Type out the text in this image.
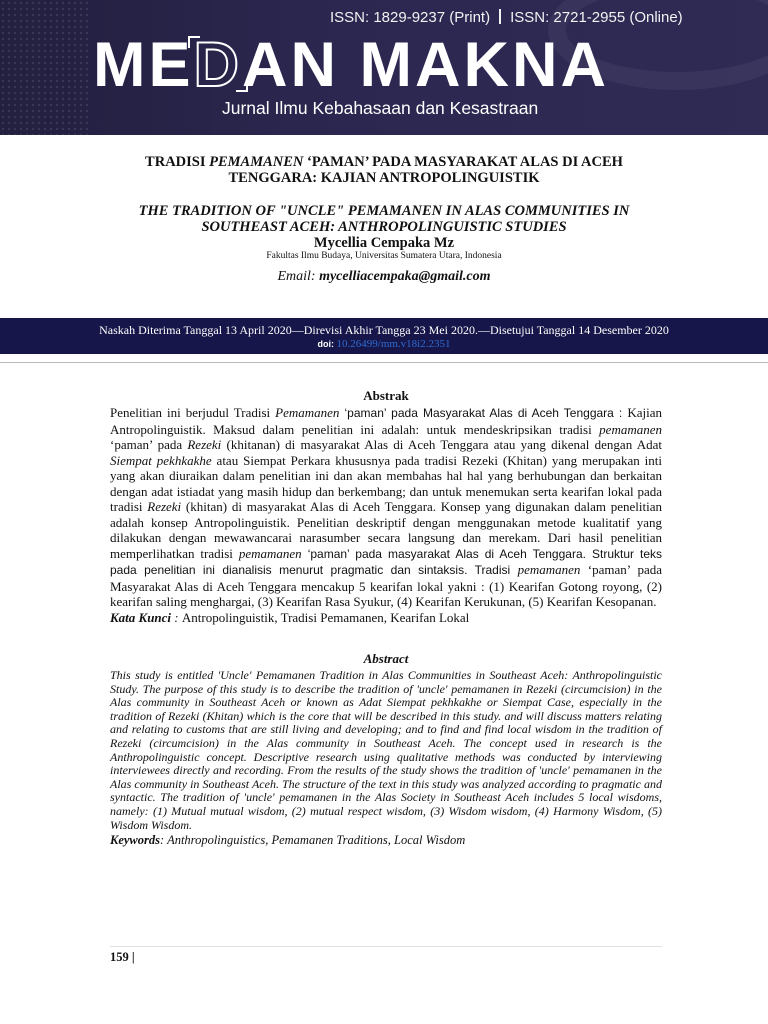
ISSN: 1829-9237 (Print) ISSN: 2721-2955 (Online)
MEDAN MAKNA
Jurnal Ilmu Kebahasaan dan Kesastraan
TRADISI PEMAMANEN ‘PAMAN’ PADA MASYARAKAT ALAS DI ACEH
TENGGARA: KAJIAN ANTROPOLINGUISTIK
THE TRADITION OF "UNCLE" PEMAMANEN IN ALAS COMMUNITIES IN
SOUTHEAST ACEH: ANTHROPOLINGUISTIC STUDIES
Mycellia Cempaka Mz
Fakultas Ilmu Budaya, Universitas Sumatera Utara, Indonesia
Email: mycelliacempaka@gmail.com
Naskah Diterima Tanggal 13 April 2020—Direvisi Akhir Tangga 23 Mei 2020.—Disetujui Tanggal 14 Desember 2020
doi: 10.26499/mm.v18i2.2351
Abstrak

Penelitian ini berjudul Tradisi Pemamanen ‘paman’ pada Masyarakat Alas di Aceh Tenggara : Kajian Antropolinguistik. Maksud dalam penelitian ini adalah: untuk mendeskripsikan tradisi pemamanen ‘paman’ pada Rezeki (khitanan) di masyarakat Alas di Aceh Tenggara atau yang dikenal dengan Adat Siempat pekhkakhe atau Siempat Perkara khususnya pada tradisi Rezeki (Khitan) yang merupakan inti yang akan diuraikan dalam penelitian ini dan akan membahas hal hal yang berhubungan dan berkaitan dengan adat istiadat yang masih hidup dan berkembang; dan untuk menemukan serta kearifan lokal pada tradisi Rezeki (khitan) di masyarakat Alas di Aceh Tenggara. Konsep yang digunakan dalam penelitian adalah konsep Antropolinguistik. Penelitian deskriptif dengan menggunakan metode kualitatif yang dilakukan dengan mewawancarai narasumber secara langsung dan merekam. Dari hasil penelitian memperlihatkan tradisi pemamanen ‘paman’ pada masyarakat Alas di Aceh Tenggara. Struktur teks pada penelitian ini dianalisis menurut pragmatic dan sintaksis. Tradisi pemamanen ‘paman’ pada Masyarakat Alas di Aceh Tenggara mencakup 5 kearifan lokal yakni : (1) Kearifan Gotong royong, (2) kearifan saling menghargai, (3) Kearifan Rasa Syukur, (4) Kearifan Kerukunan, (5) Kearifan Kesopanan.

Kata Kunci : Antropolinguistik, Tradisi Pemamanen, Kearifan Lokal

Abstract

This study is entitled 'Uncle' Pemamanen Tradition in Alas Communities in Southeast Aceh: Anthropolinguistic Study. The purpose of this study is to describe the tradition of 'uncle' pemamanen in Rezeki (circumcision) in the Alas community in Southeast Aceh or known as Adat Siempat pekhkakhe or Siempat Case, especially in the tradition of Rezeki (Khitan) which is the core that will be described in this study. and will discuss matters relating and relating to customs that are still living and developing; and to find and find local wisdom in the tradition of Rezeki (circumcision) in the Alas community in Southeast Aceh. The concept used in research is the Anthropolinguistic concept. Descriptive research using qualitative methods was conducted by interviewing interviewees directly and recording. From the results of the study shows the tradition of 'uncle' pemamanen in the Alas community in Southeast Aceh. The structure of the text in this study was analyzed according to pragmatic and syntactic. The tradition of 'uncle' pemamanen in the Alas Society in Southeast Aceh includes 5 local wisdoms, namely: (1) Mutual mutual wisdom, (2) mutual respect wisdom, (3) Wisdom wisdom, (4) Harmony Wisdom, (5) Wisdom Wisdom.

Keywords: Anthropolinguistics, Pemamanen Traditions, Local Wisdom

159 |
